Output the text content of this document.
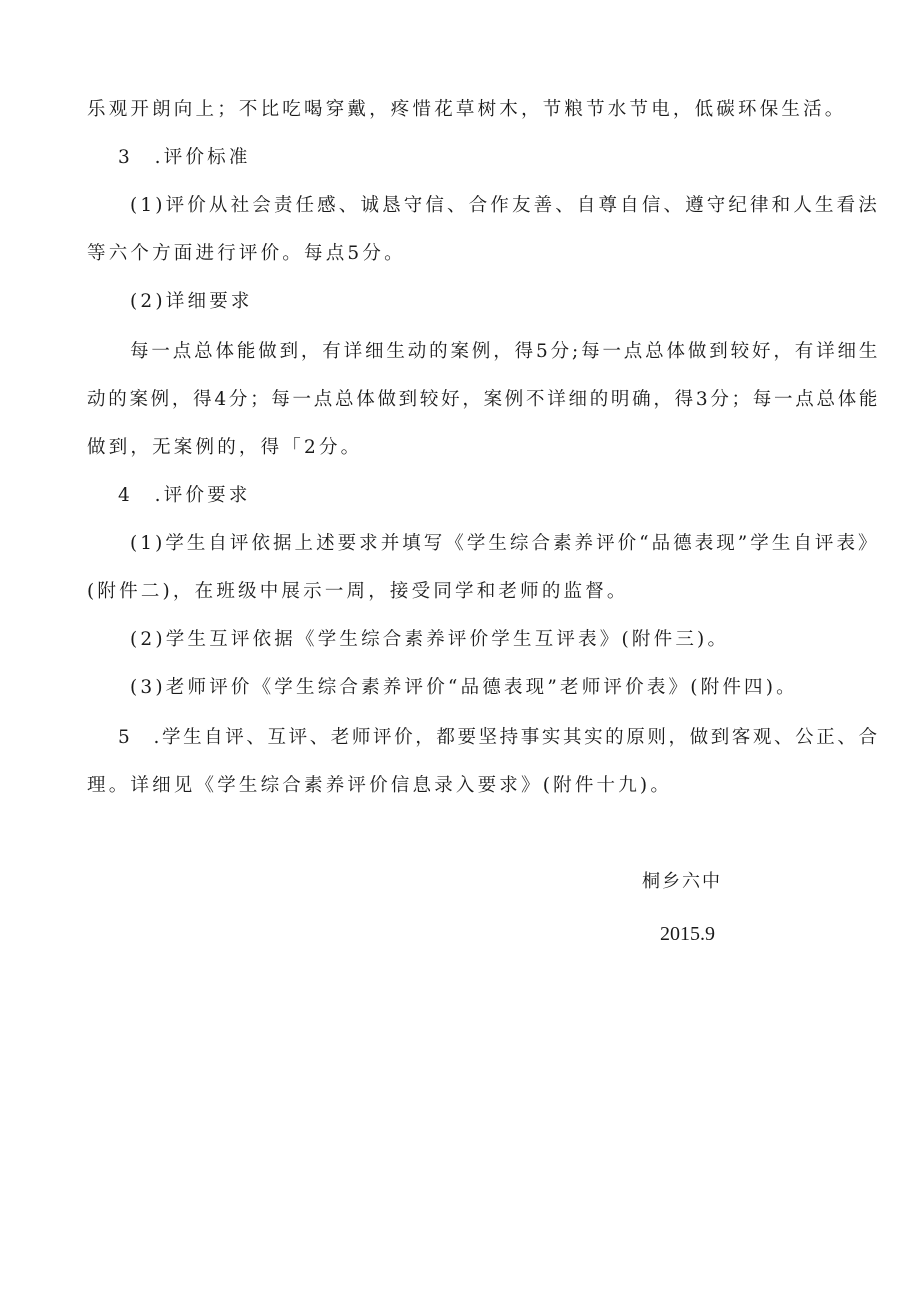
乐观开朗向上；不比吃喝穿戴，疼惜花草树木，节粮节水节电，低碳环保生活。
3　.评价标准
(1)评价从社会责任感、诚恳守信、合作友善、自尊自信、遵守纪律和人生看法
等六个方面进行评价。每点5分。
(2)详细要求
每一点总体能做到，有详细生动的案例，得5分;每一点总体做到较好，有详细生
动的案例，得4分；每一点总体做到较好，案例不详细的明确，得3分；每一点总体能
做到，无案例的，得「2分。
4　.评价要求
(1)学生自评依据上述要求并填写《学生综合素养评价“品德表现”学生自评表》
(附件二)，在班级中展示一周，接受同学和老师的监督。
(2)学生互评依据《学生综合素养评价学生互评表》(附件三)。
(3)老师评价《学生综合素养评价“品德表现”老师评价表》(附件四)。
5　.学生自评、互评、老师评价，都要坚持事实其实的原则，做到客观、公正、合
理。详细见《学生综合素养评价信息录入要求》(附件十九)。
桐乡六中
2015.9
